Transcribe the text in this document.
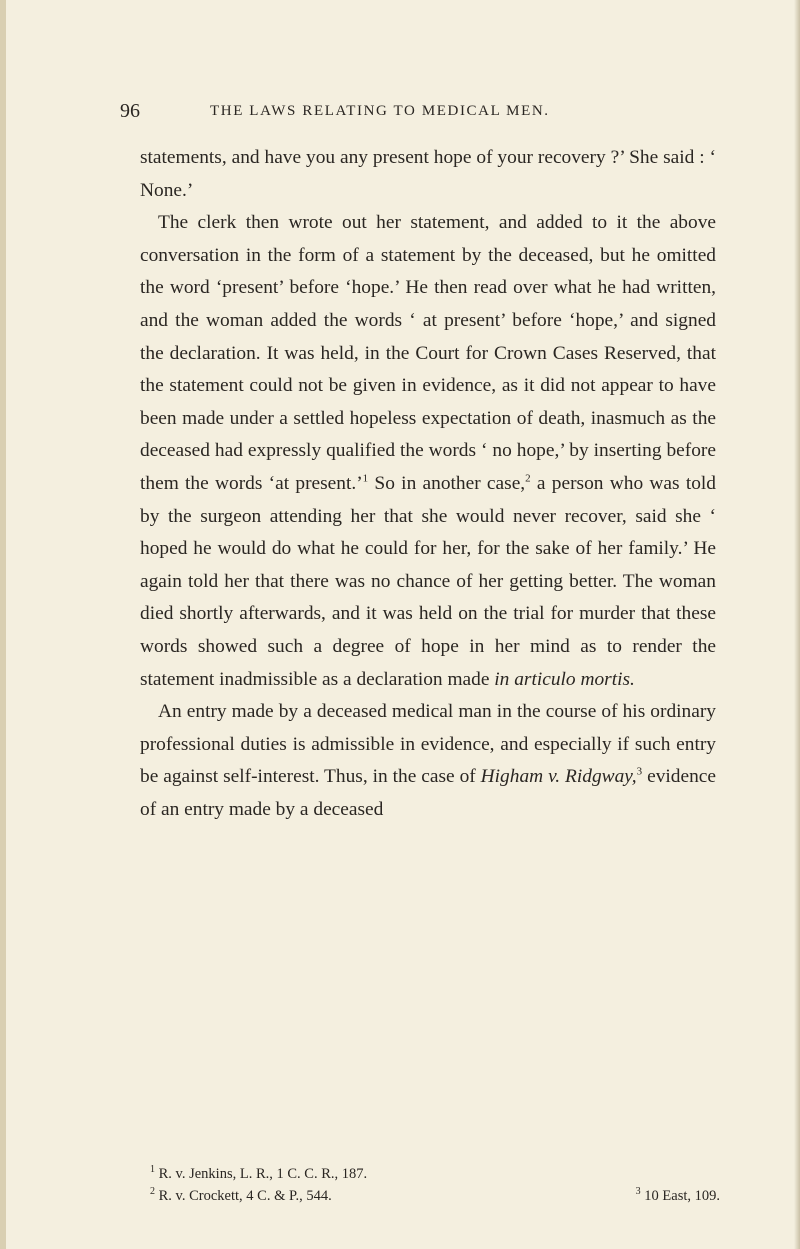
96	THE LAWS RELATING TO MEDICAL MEN.

statements, and have you any present hope of your recovery ?’ She said : ‘ None.’

The clerk then wrote out her statement, and added to it the above conversation in the form of a statement by the deceased, but he omitted the word ‘present’ before ‘hope.’ He then read over what he had written, and the woman added the words ‘ at present’ before ‘hope,’ and signed the declaration. It was held, in the Court for Crown Cases Reserved, that the statement could not be given in evidence, as it did not appear to have been made under a settled hopeless expectation of death, inasmuch as the deceased had expressly qualified the words ‘ no hope,’ by inserting before them the words ‘at present.’$^1$ So in another case,$^2$ a person who was told by the surgeon attending her that she would never recover, said she ‘ hoped he would do what he could for her, for the sake of her family.’ He again told her that there was no chance of her getting better. The woman died shortly afterwards, and it was held on the trial for murder that these words showed such a degree of hope in her mind as to render the statement inadmissible as a declaration made in articulo mortis.

An entry made by a deceased medical man in the course of his ordinary professional duties is admissible in evidence, and especially if such entry be against self-interest. Thus, in the case of Higham v. Ridgway,$^3$ evidence of an entry made by a deceased

$^1$ R. v. Jenkins, L. R., 1 C. C. R., 187.
$^2$ R. v. Crockett, 4 C. & P., 544.	$^3$ 10 East, 109.
